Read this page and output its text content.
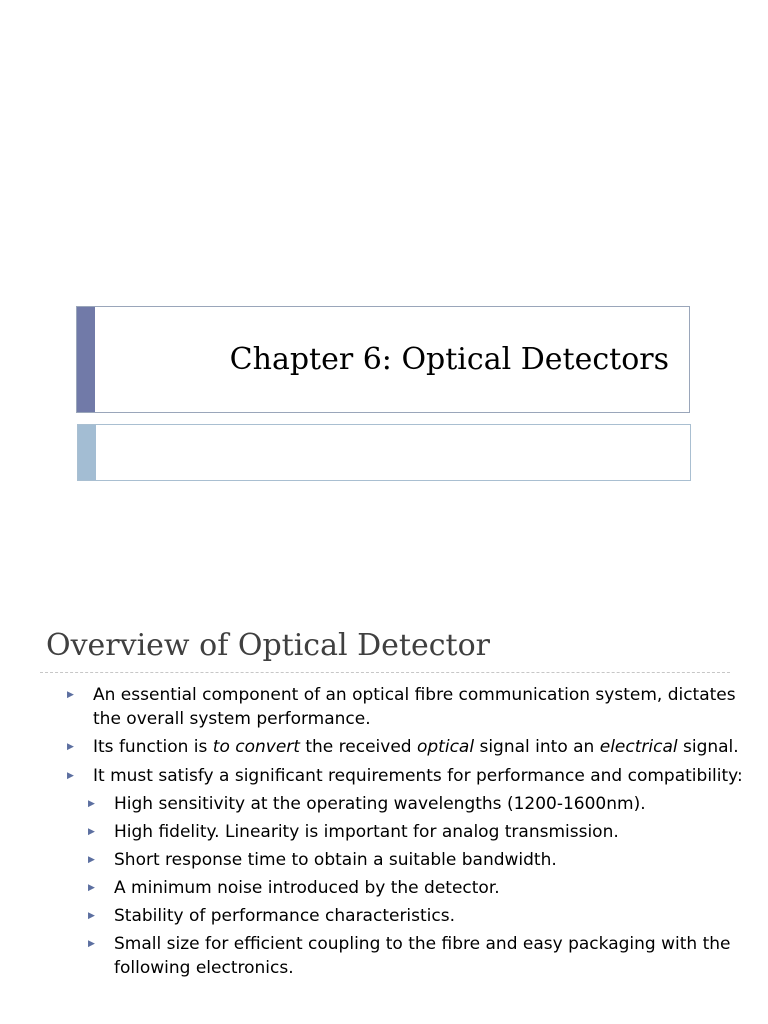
Chapter 6: Optical Detectors
Overview of Optical Detector
▶ An essential component of an optical fibre communication system, dictates the overall system performance.
▶ Its function is to convert the received optical signal into an electrical signal.
▶ It must satisfy a significant requirements for performance and compatibility:
▶ High sensitivity at the operating wavelengths (1200-1600nm).
▶ High fidelity. Linearity is important for analog transmission.
▶ Short response time to obtain a suitable bandwidth.
▶ A minimum noise introduced by the detector.
▶ Stability of performance characteristics.
▶ Small size for efficient coupling to the fibre and easy packaging with the following electronics.
